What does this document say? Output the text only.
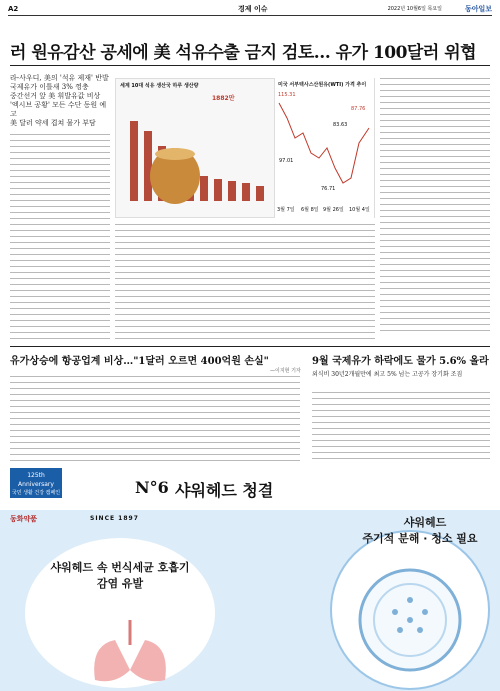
A2	경제 이슈	2022년 10월6일 목요일	동아일보
러 원유감산 공세에 美 석유수출 금지 검토… 유가 100달러 위협
라-사우디, 美의 '석유 제재' 반발
국제유가 이틀새 3% 껑충
중간선거 앞 美 휘발유값 비상
'엑시브 공황' 모든 수단 동원 예고
美 달러 약세 겹쳐 물가 부담
세계 10대 석유 생산국 하루 생산량
1882만
미국 서부텍사스산원유(WTI) 가격 추이
115.31
97.01
76.71
87.76
83.63
3월 7일 6월 8일 9월 26일 10월 4일
유가상승에 항공업계 비상…"1달러 오르면 400억원 손실"
—이지현 기자
9월 국제유가 하락에도 물가 5.6% 올라
외식비 30년2개월만에 최고 5% 넘는 고공가 장기화 조짐
125th Anniversary
국민 생활 건강 캠페인	N°6 샤워헤드 청결
동화약품	SINCE 1897
샤워헤드 속 번식세균 호흡기 감염 유발
샤워헤드
주기적 분해 · 청소 필요
